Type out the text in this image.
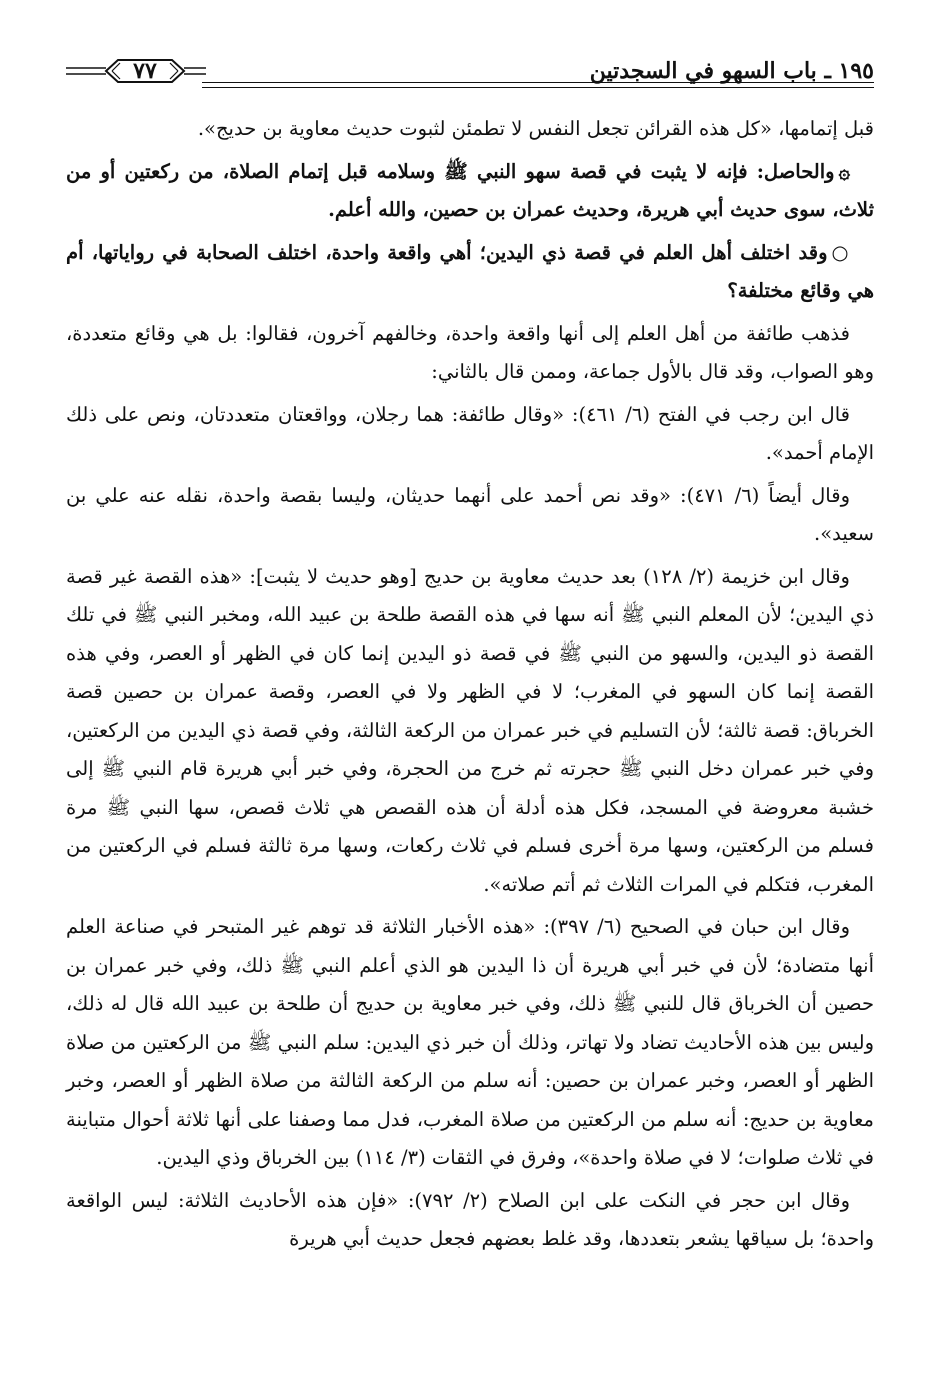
١٩٥ ـ باب السهو في السجدتين
٧٧

قبل إتمامها، «كل هذه القرائن تجعل النفس لا تطمئن لثبوت حديث معاوية بن حديج».

۞والحاصل: فإنه لا يثبت في قصة سهو النبي ﷺ وسلامه قبل إتمام الصلاة، من ركعتين أو من ثلاث، سوى حديث أبي هريرة، وحديث عمران بن حصين، والله أعلم.

○وقد اختلف أهل العلم في قصة ذي اليدين؛ أهي واقعة واحدة، اختلف الصحابة في رواياتها، أم هي وقائع مختلفة؟

فذهب طائفة من أهل العلم إلى أنها واقعة واحدة، وخالفهم آخرون، فقالوا: بل هي وقائع متعددة، وهو الصواب، وقد قال بالأول جماعة، وممن قال بالثاني:

قال ابن رجب في الفتح (٦/ ٤٦١): «وقال طائفة: هما رجلان، وواقعتان متعددتان، ونص على ذلك الإمام أحمد».

وقال أيضاً (٦/ ٤٧١): «وقد نص أحمد على أنهما حديثان، وليسا بقصة واحدة، نقله عنه علي بن سعيد».

وقال ابن خزيمة (٢/ ١٢٨) بعد حديث معاوية بن حديج [وهو حديث لا يثبت]: «هذه القصة غير قصة ذي اليدين؛ لأن المعلم النبي ﷺ أنه سها في هذه القصة طلحة بن عبيد الله، ومخبر النبي ﷺ في تلك القصة ذو اليدين، والسهو من النبي ﷺ في قصة ذو اليدين إنما كان في الظهر أو العصر، وفي هذه القصة إنما كان السهو في المغرب؛ لا في الظهر ولا في العصر، وقصة عمران بن حصين قصة الخرباق: قصة ثالثة؛ لأن التسليم في خبر عمران من الركعة الثالثة، وفي قصة ذي اليدين من الركعتين، وفي خبر عمران دخل النبي ﷺ حجرته ثم خرج من الحجرة، وفي خبر أبي هريرة قام النبي ﷺ إلى خشبة معروضة في المسجد، فكل هذه أدلة أن هذه القصص هي ثلاث قصص، سها النبي ﷺ مرة فسلم من الركعتين، وسها مرة أخرى فسلم في ثلاث ركعات، وسها مرة ثالثة فسلم في الركعتين من المغرب، فتكلم في المرات الثلاث ثم أتم صلاته».

وقال ابن حبان في الصحيح (٦/ ٣٩٧): «هذه الأخبار الثلاثة قد توهم غير المتبحر في صناعة العلم أنها متضادة؛ لأن في خبر أبي هريرة أن ذا اليدين هو الذي أعلم النبي ﷺ ذلك، وفي خبر عمران بن حصين أن الخرباق قال للنبي ﷺ ذلك، وفي خبر معاوية بن حديج أن طلحة بن عبيد الله قال له ذلك، وليس بين هذه الأحاديث تضاد ولا تهاتر، وذلك أن خبر ذي اليدين: سلم النبي ﷺ من الركعتين من صلاة الظهر أو العصر، وخبر عمران بن حصين: أنه سلم من الركعة الثالثة من صلاة الظهر أو العصر، وخبر معاوية بن حديج: أنه سلم من الركعتين من صلاة المغرب، فدل مما وصفنا على أنها ثلاثة أحوال متباينة في ثلاث صلوات؛ لا في صلاة واحدة»، وفرق في الثقات (٣/ ١١٤) بين الخرباق وذي اليدين.

وقال ابن حجر في النكت على ابن الصلاح (٢/ ٧٩٢): «فإن هذه الأحاديث الثلاثة: ليس الواقعة واحدة؛ بل سياقها يشعر بتعددها، وقد غلط بعضهم فجعل حديث أبي هريرة
